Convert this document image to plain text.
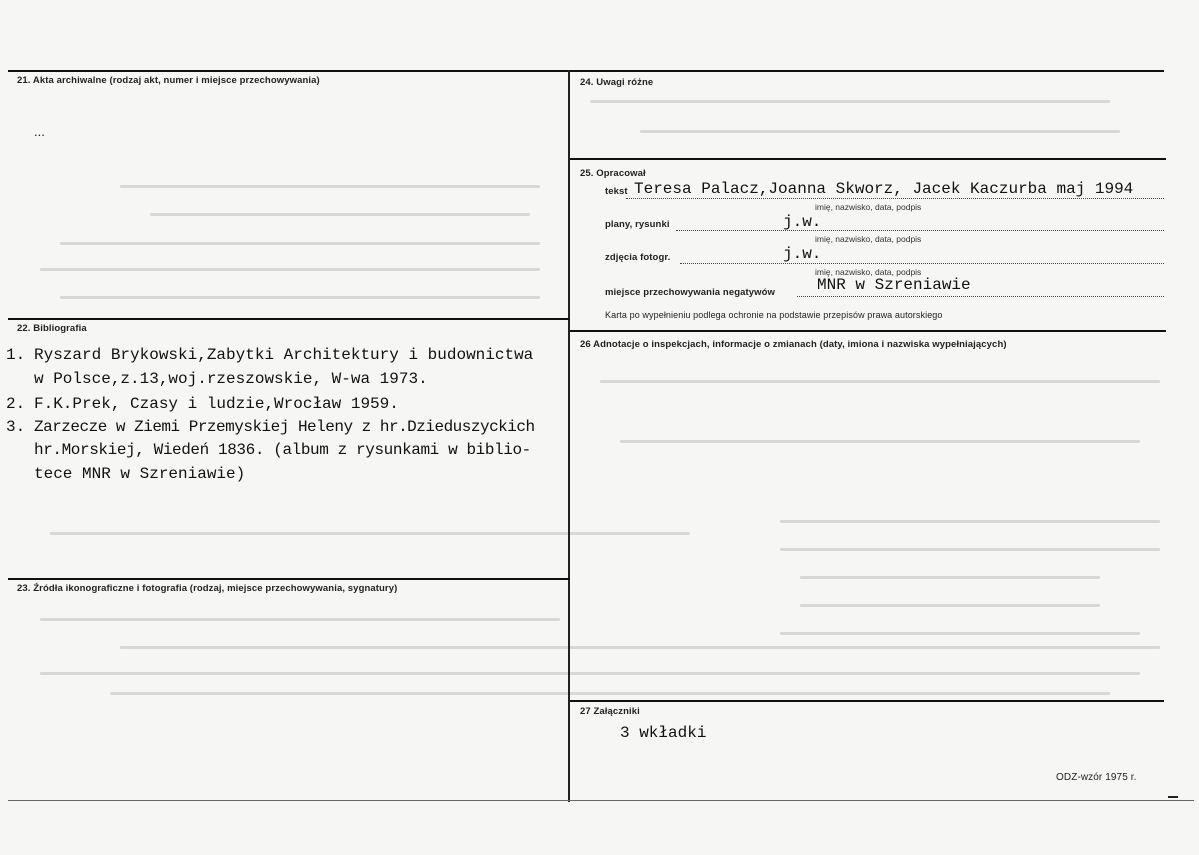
21. Akta archiwalne (rodzaj akt, numer i miejsce przechowywania)
...
22. Bibliografia
1. Ryszard Brykowski,Zabytki Architektury i budownictwa
w Polsce,z.13,woj.rzeszowskie, W-wa 1973.
2. F.K.Prek, Czasy i ludzie,Wrocław 1959.
3. Zarzecze w Ziemi Przemyskiej Heleny z hr.Dzieduszyckich
hr.Morskiej, Wiedeń 1836. (album z rysunkami w biblio-
tece MNR w Szreniawie)
23. Źródła ikonograficzne i fotografia (rodzaj, miejsce przechowywania, sygnatury)
24. Uwagi różne
25. Opracował
tekst Teresa Palacz,Joanna Skworz, Jacek Kaczurba maj 1994
imię, nazwisko, data, podpis
plany, rysunki	j.w.
imię, nazwisko, data, podpis
zdjęcia fotogr.	j.w.
imię, nazwisko, data, podpis
miejsce przechowywania negatywów	MNR w Szreniawie
Karta po wypełnieniu podlega ochronie na podstawie przepisów prawa autorskiego
26 Adnotacje o inspekcjach, informacje o zmianach (daty, imiona i nazwiska wypełniających)
27 Załączniki
3 wkładki
ODZ-wzór 1975 r.
